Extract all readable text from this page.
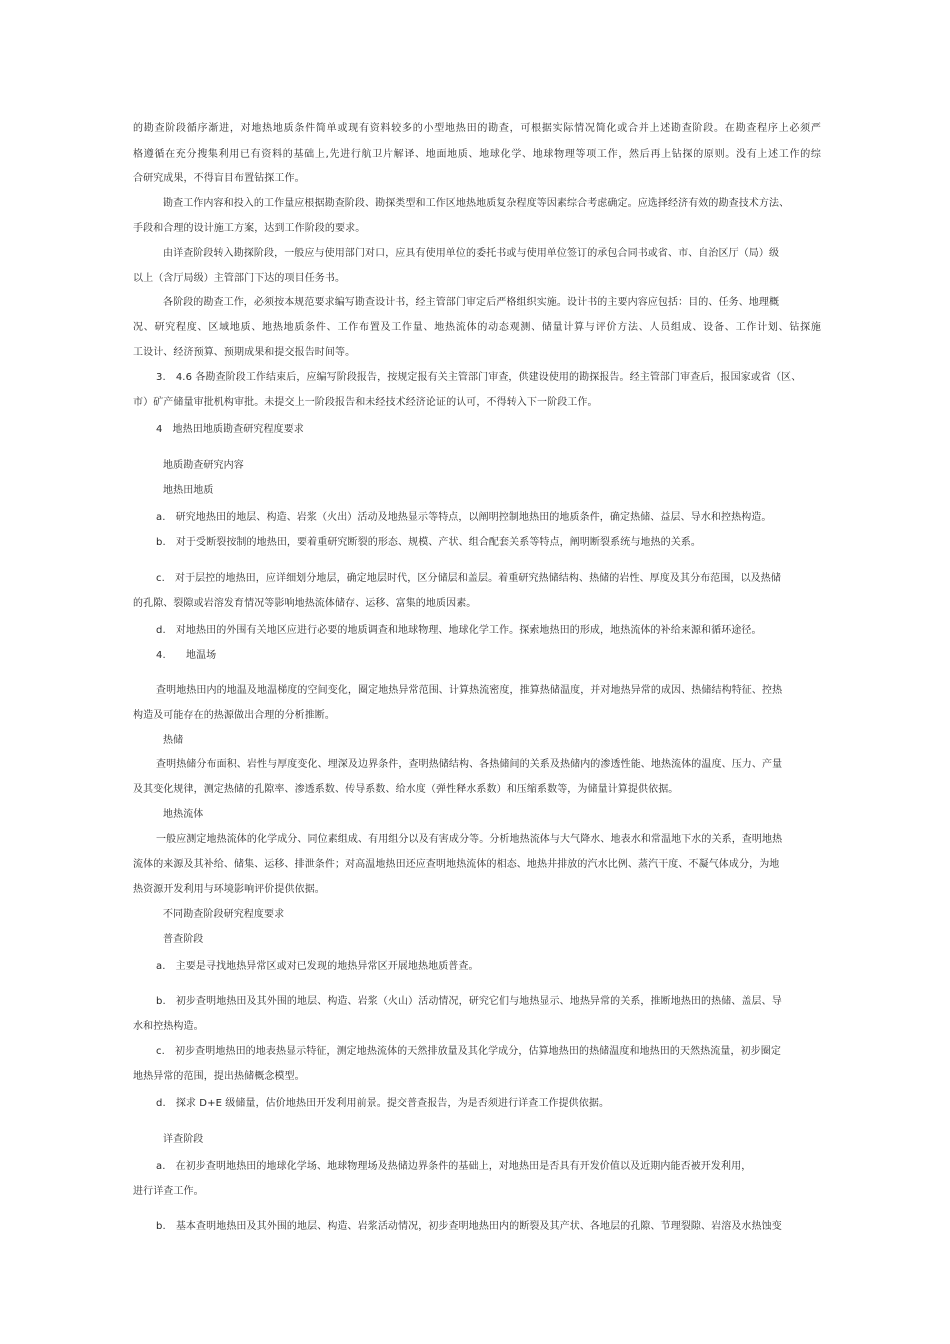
的勘查阶段循序渐进，对地热地质条件简单或现有资料较多的小型地热田的勘查，可根据实际情况简化或合并上述勘查阶段。在勘查程序上必须严
格遵循在充分搜集利用已有资料的基础上,先进行航卫片解译、地面地质、地球化学、地球物理等项工作，然后再上钻探的原则。没有上述工作的综
合研究成果，不得盲目布置钻探工作。
勘查工作内容和投入的工作量应根据勘查阶段、勘探类型和工作区地热地质复杂程度等因素综合考虑确定。应选择经济有效的勘查技术方法、
手段和合理的设计施工方案，达到工作阶段的要求。
由详查阶段转入勘探阶段，一般应与使用部门对口，应具有使用单位的委托书或与使用单位签订的承包合同书或省、市、自治区厅（局）级
以上（含厅局级）主管部门下达的项目任务书。
各阶段的勘查工作，必须按本规范要求编写勘查设计书，经主管部门审定后严格组织实施。设计书的主要内容应包括：目的、任务、地理概
况、研究程度、区域地质、地热地质条件、工作布置及工作量、地热流体的动态观测、储量计算与评价方法、人员组成、设备、工作计划、钻探施
工设计、经济预算、预期成果和提交报告时间等。
3.　4.6 各勘查阶段工作结束后，应编写阶段报告，按规定报有关主管部门审查，供建设使用的勘探报告。经主管部门审查后，报国家或省（区、
市）矿产储量审批机构审批。未提交上一阶段报告和未经技术经济论证的认可，不得转入下一阶段工作。
4　地热田地质勘查研究程度要求
地质勘查研究内容
地热田地质
a.　研究地热田的地层、构造、岩浆（火出）活动及地热显示等特点，以阐明控制地热田的地质条件，确定热储、益层、导水和控热构造。
b.　对于受断裂按制的地热田，要着重研究断裂的形态、规模、产状、组合配套关系等特点，阐明断裂系统与地热的关系。
c.　对于层控的地热田，应详细划分地层，确定地层时代，区分储层和盖层。着重研究热储结构、热储的岩性、厚度及其分布范围，以及热储
的孔隙、裂隙或岩溶发育情况等影响地热流体储存、运移、富集的地质因素。
d.　对地热田的外围有关地区应进行必要的地质调查和地球物理、地球化学工作。探索地热田的形成，地热流体的补给来源和循环途径。
4.　　地温场
查明地热田内的地温及地温梯度的空间变化，圈定地热异常范围、计算热流密度，推算热储温度，并对地热异常的成因、热储结构特征、控热
构造及可能存在的热源做出合理的分析推断。
热储
查明热储分布面积、岩性与厚度变化、埋深及边界条件，查明热储结构、各热储间的关系及热储内的渗透性能、地热流体的温度、压力、产量
及其变化规律，测定热储的孔隙率、渗透系数、传导系数、给水度（弹性释水系数）和压缩系数等，为储量计算提供依据。
地热流体
一般应测定地热流体的化学成分、同位素组成、有用组分以及有害成分等。分析地热流体与大气降水、地表水和常温地下水的关系，查明地热
流体的来源及其补给、储集、运移、排泄条件；对高温地热田还应查明地热流体的相态、地热井排放的汽水比例、蒸汽干度、不凝气体成分，为地
热资源开发利用与环境影响评价提供依据。
不同勘查阶段研究程度要求
普查阶段
a.　主要是寻找地热异常区或对已发现的地热异常区开展地热地质普查。
b.　初步查明地热田及其外围的地层、构造、岩浆（火山）活动情况，研究它们与地热显示、地热异常的关系，推断地热田的热储、盖层、导
水和控热构造。
c.　初步查明地热田的地表热显示特征，测定地热流体的天然排放量及其化学成分，估算地热田的热储温度和地热田的天然热流量，初步圈定
地热异常的范围，提出热储概念模型。
d.　探求 D+E 级储量，估价地热田开发利用前景。提交普查报告，为是否须进行详查工作提供依据。
详查阶段
a.　在初步查明地热田的地球化学场、地球物理场及热储边界条件的基础上，对地热田是否具有开发价值以及近期内能否被开发利用，
进行详查工作。
b.　基本查明地热田及其外围的地层、构造、岩浆活动情况，初步查明地热田内的断裂及其产状、各地层的孔隙、节理裂隙、岩溶及水热蚀变
